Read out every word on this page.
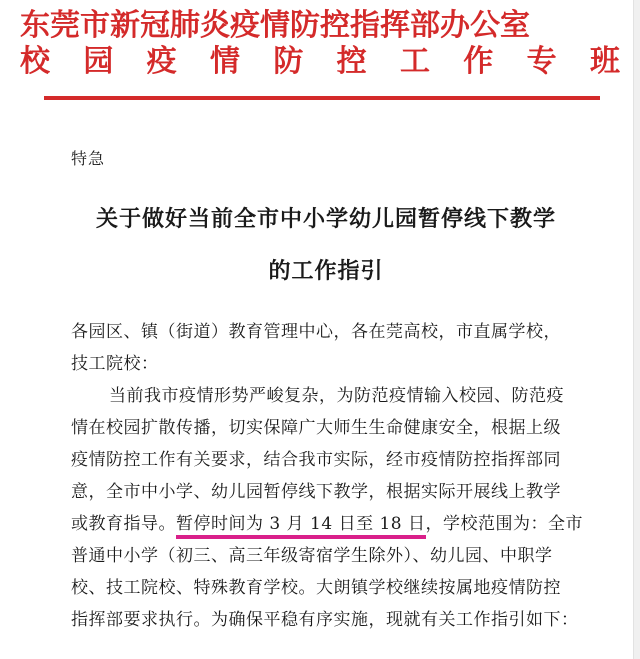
东莞市新冠肺炎疫情防控指挥部办公室
校 园 疫 情 防 控 工 作 专 班
特急
关于做好当前全市中小学幼儿园暂停线下教学
的工作指引
各园区、镇（街道）教育管理中心，各在莞高校，市直属学校，
技工院校：

当前我市疫情形势严峻复杂，为防范疫情输入校园、防范疫

情在校园扩散传播，切实保障广大师生生命健康安全，根据上级

疫情防控工作有关要求，结合我市实际，经市疫情防控指挥部同

意，全市中小学、幼儿园暂停线下教学，根据实际开展线上教学

或教育指导。暂停时间为 3 月 14 日至 18 日，学校范围为：全市

普通中小学（初三、高三年级寄宿学生除外）、幼儿园、中职学

校、技工院校、特殊教育学校。大朗镇学校继续按属地疫情防控

指挥部要求执行。为确保平稳有序实施，现就有关工作指引如下：
